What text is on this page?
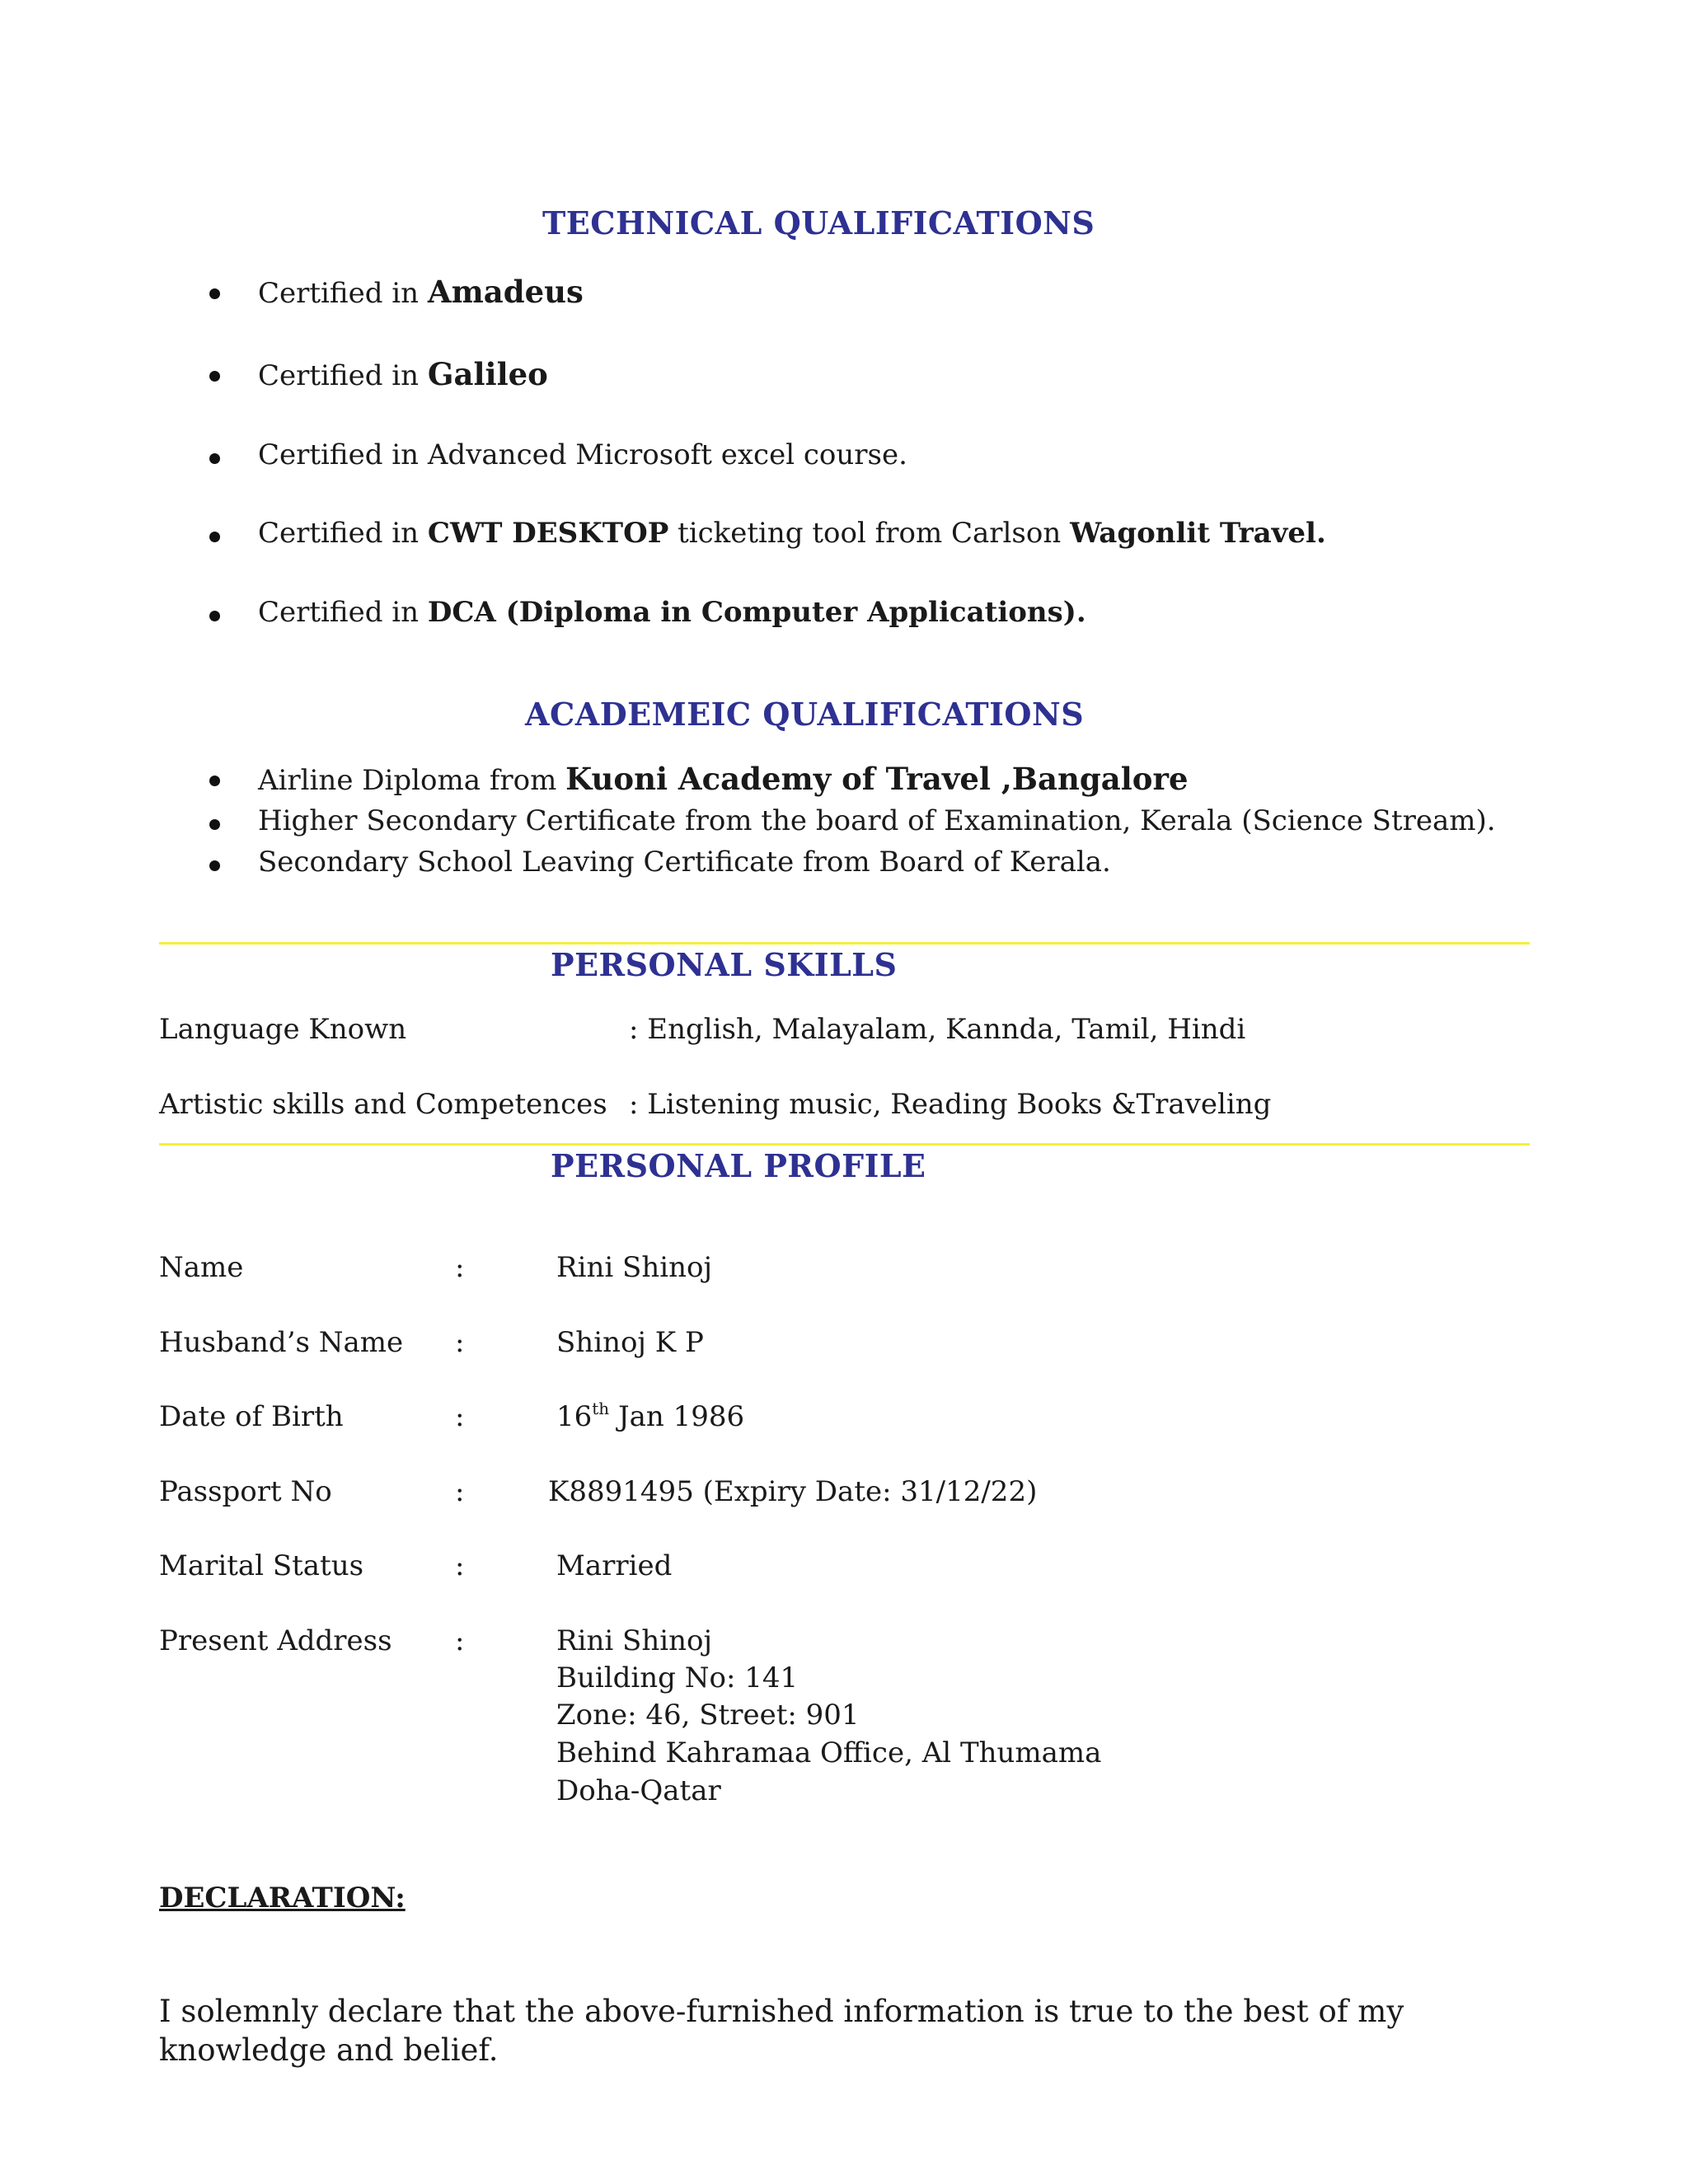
TECHNICAL QUALIFICATIONS
Certified in Amadeus
Certified in Galileo
Certified in Advanced Microsoft excel course.
Certified in CWT DESKTOP ticketing tool from Carlson Wagonlit Travel.
Certified in DCA (Diploma in Computer Applications).
ACADEMEIC QUALIFICATIONS
Airline Diploma from Kuoni Academy of Travel ,Bangalore
Higher Secondary Certificate from the board of Examination, Kerala (Science Stream).
Secondary School Leaving Certificate from Board of Kerala.
PERSONAL SKILLS
Language Known	: English, Malayalam, Kannda, Tamil, Hindi
Artistic skills and Competences : Listening music, Reading Books &Traveling
PERSONAL PROFILE
Name	:	Rini Shinoj
Husband’s Name :	Shinoj K P
Date of Birth	:	16th Jan 1986
Passport No	:	K8891495 (Expiry Date: 31/12/22)
Marital Status	:	Married
Present Address :	Rini Shinoj
Building No: 141
Zone: 46, Street: 901
Behind Kahramaa Office, Al Thumama
Doha-Qatar
DECLARATION:

I solemnly declare that the above-furnished information is true to the best of my knowledge and belief.
